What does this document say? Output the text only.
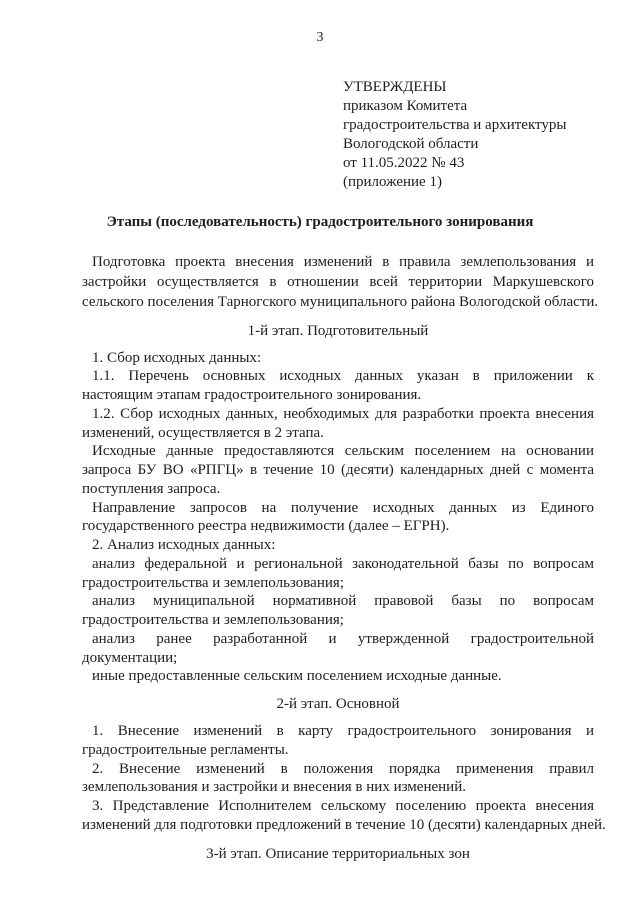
3
УТВЕРЖДЕНЫ
приказом Комитета
градостроительства и архитектуры
Вологодской области
от 11.05.2022 № 43
(приложение 1)
Этапы (последовательность) градостроительного зонирования
Подготовка проекта внесения изменений в правила землепользования и
застройки осуществляется в отношении всей территории Маркушевского
сельского поселения Тарногского муниципального района Вологодской области.
1-й этап. Подготовительный
1. Сбор исходных данных:
1.1. Перечень основных исходных данных указан в приложении к
настоящим этапам градостроительного зонирования.
1.2. Сбор исходных данных, необходимых для разработки проекта внесения
изменений, осуществляется в 2 этапа.
Исходные данные предоставляются сельским поселением на основании
запроса БУ ВО «РПГЦ» в течение 10 (десяти) календарных дней с момента
поступления запроса.
Направление запросов на получение исходных данных из Единого
государственного реестра недвижимости (далее – ЕГРН).
2. Анализ исходных данных:
анализ федеральной и региональной законодательной базы по вопросам
градостроительства и землепользования;
анализ муниципальной нормативной правовой базы по вопросам
градостроительства и землепользования;
анализ ранее разработанной и утвержденной градостроительной
документации;
иные предоставленные сельским поселением исходные данные.
2-й этап. Основной
1. Внесение изменений в карту градостроительного зонирования и
градостроительные регламенты.
2. Внесение изменений в положения порядка применения правил
землепользования и застройки и внесения в них изменений.
3. Представление Исполнителем сельскому поселению проекта внесения
изменений для подготовки предложений в течение 10 (десяти) календарных дней.
3-й этап. Описание территориальных зон
